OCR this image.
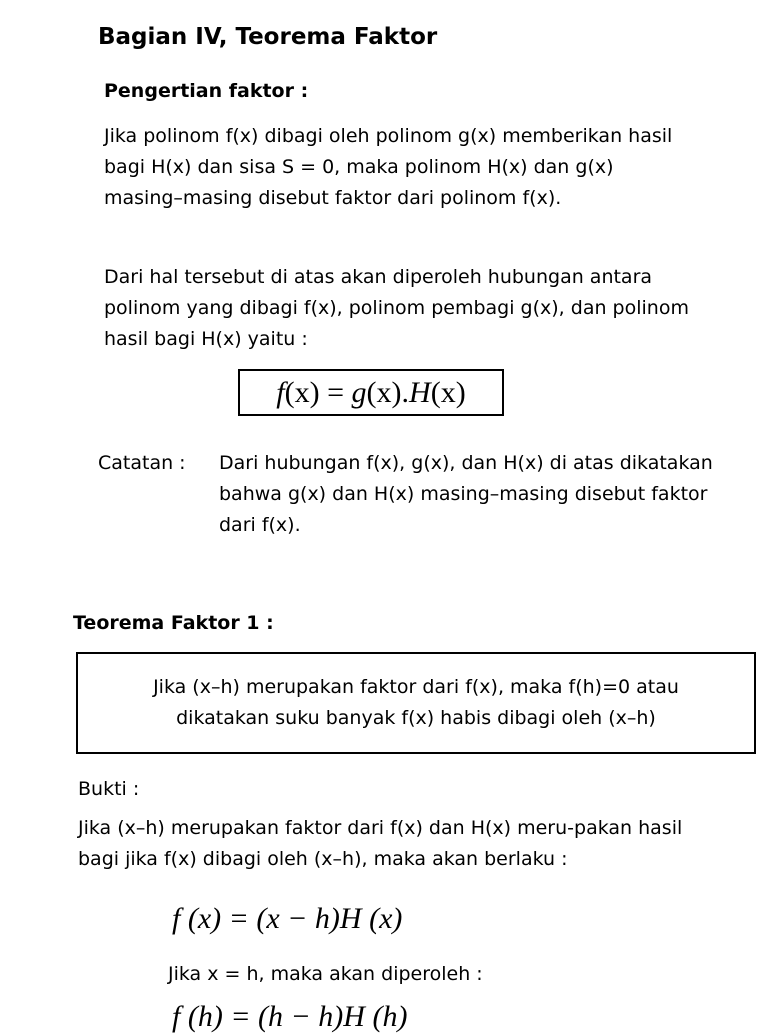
Bagian IV, Teorema Faktor
Pengertian faktor :
Jika polinom f(x) dibagi oleh polinom g(x) memberikan hasil
bagi H(x) dan sisa S = 0, maka polinom H(x) dan g(x)
masing–masing disebut faktor dari polinom f(x).
Dari hal tersebut di atas akan diperoleh hubungan antara
polinom yang dibagi f(x), polinom pembagi g(x), dan polinom
hasil bagi H(x) yaitu :
f(x) = g(x).H(x)
Catatan : Dari hubungan f(x), g(x), dan H(x) di atas dikatakan
bahwa g(x) dan H(x) masing–masing disebut faktor
dari f(x).
Teorema Faktor 1 :
Jika (x–h) merupakan faktor dari f(x), maka f(h)=0 atau
dikatakan suku banyak f(x) habis dibagi oleh (x–h)
Bukti :
Jika (x–h) merupakan faktor dari f(x) dan H(x) meru-pakan hasil
bagi jika f(x) dibagi oleh (x–h), maka akan berlaku :
f (x) = (x − h)H (x)
Jika x = h, maka akan diperoleh :
f (h) = (h − h)H (h)
